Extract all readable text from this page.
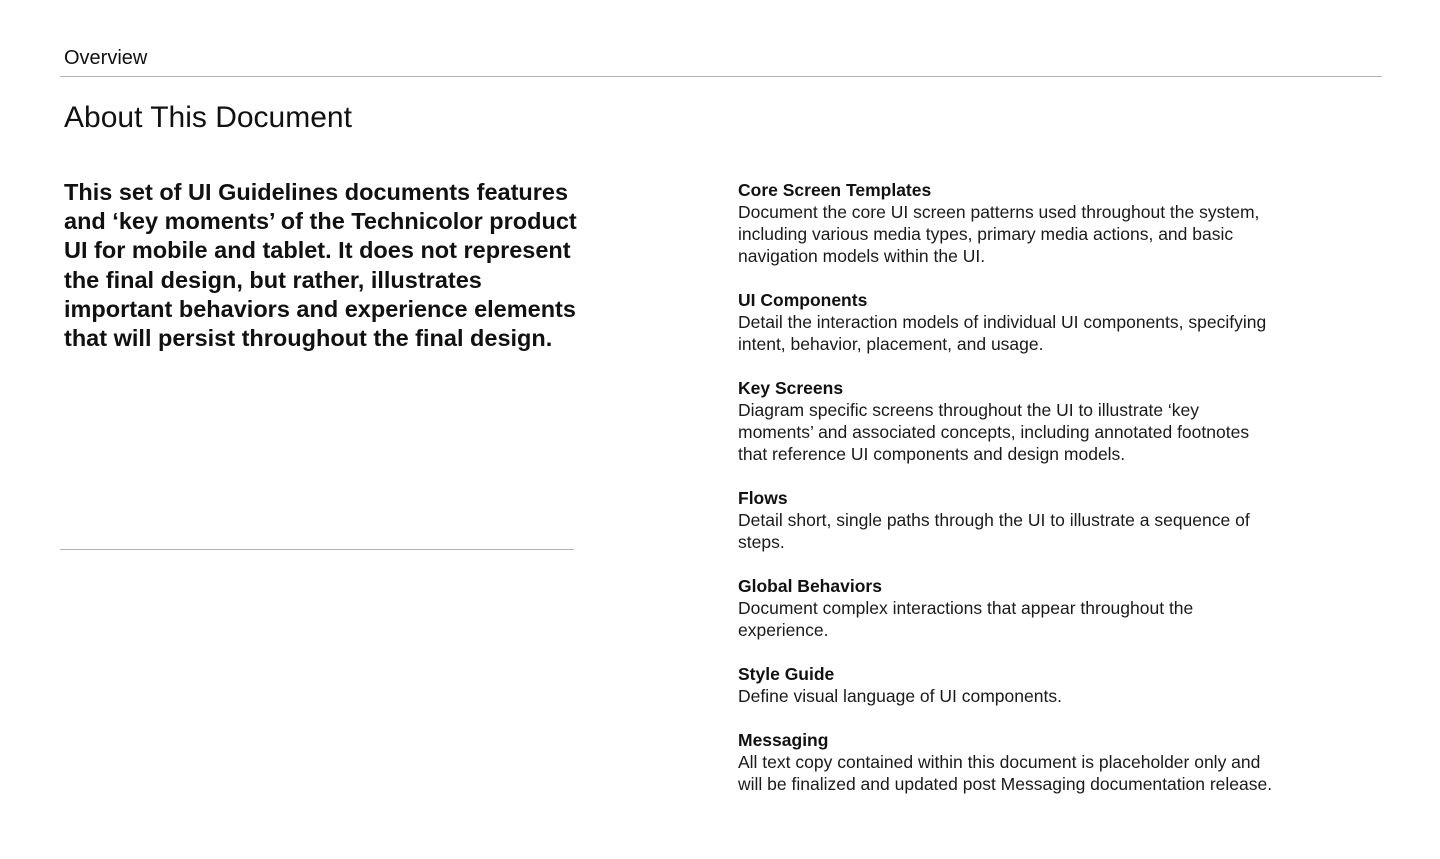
Overview
About This Document

This set of UI Guidelines documents features and ‘key moments’ of the Technicolor product UI for mobile and tablet. It does not represent the final design, but rather, illustrates important behaviors and experience elements that will persist throughout the final design.

Core Screen Templates
Document the core UI screen patterns used throughout the system, including various media types, primary media actions, and basic navigation models within the UI.
UI Components
Detail the interaction models of individual UI components, specifying intent, behavior, placement, and usage.
Key Screens
Diagram specific screens throughout the UI to illustrate ‘key moments’ and associated concepts, including annotated footnotes that reference UI components and design models.
Flows
Detail short, single paths through the UI to illustrate a sequence of steps.
Global Behaviors
Document complex interactions that appear throughout the experience.
Style Guide
Define visual language of UI components.
Messaging
All text copy contained within this document is placeholder only and will be finalized and updated post Messaging documentation release.
